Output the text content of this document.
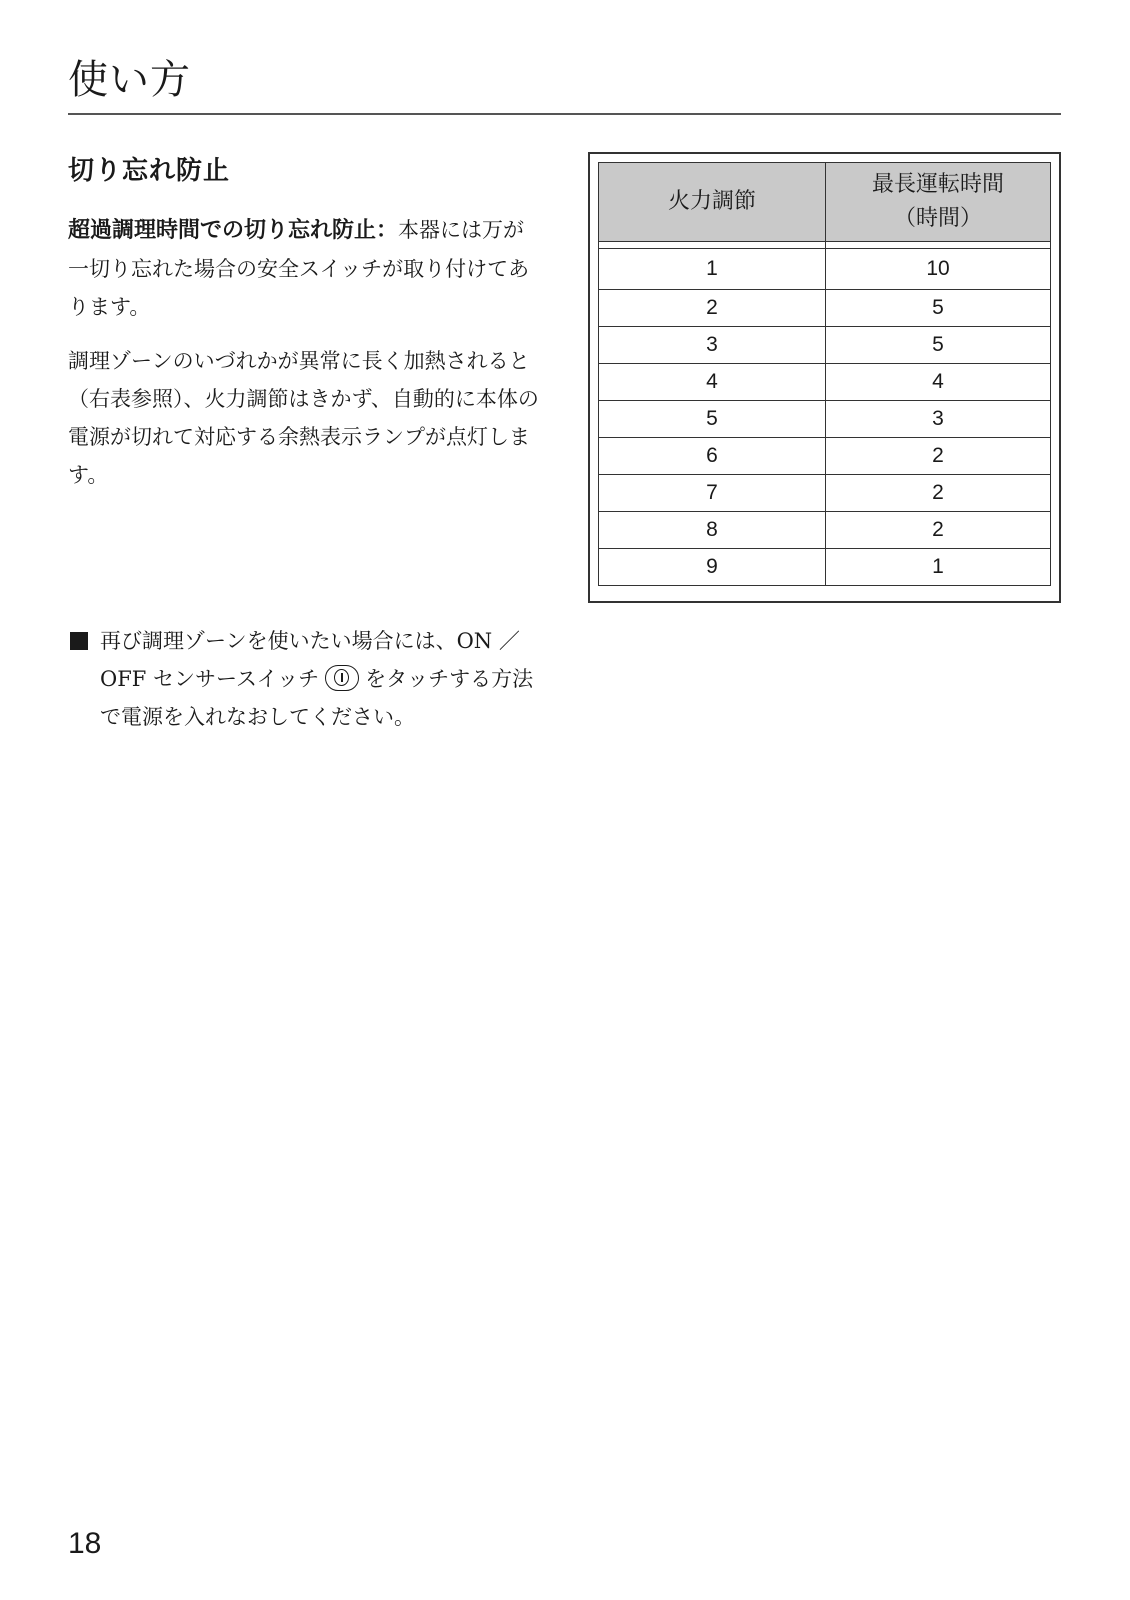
使い方
切り忘れ防止

超過調理時間での切り忘れ防止：本器には万が一切り忘れた場合の安全スイッチが取り付けてあります。

調理ゾーンのいづれかが異常に長く加熱されると（右表参照）、火力調節はきかず、自動的に本体の電源が切れて対応する余熱表示ランプが点灯します。

再び調理ゾーンを使いたい場合には、ON ／ OFF センサースイッチ をタッチする方法で電源を入れなおしてください。

火力調節	最長運転時間
（時間）

1	10
2	5
3	5
4	4
5	3
6	2
7	2
8	2
9	1

18
